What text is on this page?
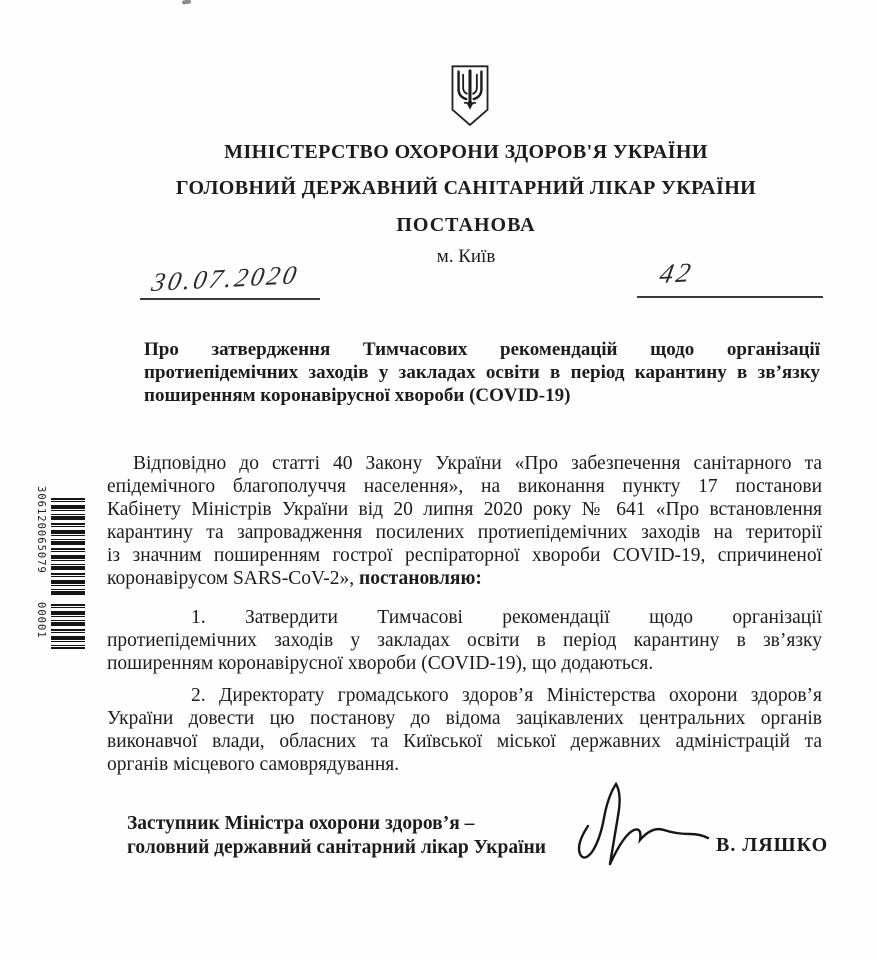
МІНІСТЕРСТВО ОХОРОНИ ЗДОРОВ'Я УКРАЇНИ
ГОЛОВНИЙ ДЕРЖАВНИЙ САНІТАРНИЙ ЛІКАР УКРАЇНИ
ПОСТАНОВА
м. Київ
30.07.2020	42
Про затвердження Тимчасових рекомендацій щодо організації
протиепідемічних заходів у закладах освіти в період карантину в зв’язку
поширенням коронавірусної хвороби (COVID-19)
Відповідно до статті 40 Закону України «Про забезпечення санітарного та
епідемічного благополуччя населення», на виконання пункту 17 постанови
Кабінету Міністрів України від 20 липня 2020 року № 641 «Про встановлення
карантину та запровадження посилених протиепідемічних заходів на території
із значним поширенням гострої респіраторної хвороби COVID-19, спричиненої
коронавірусом SARS-CoV-2», постановляю:
1. Затвердити Тимчасові рекомендації щодо організації
протиепідемічних заходів у закладах освіти в період карантину в зв’язку
поширенням коронавірусної хвороби (COVID-19), що додаються.
2. Директорату громадського здоров’я Міністерства охорони здоров’я
України довести цю постанову до відома зацікавлених центральних органів
виконавчої влади, обласних та Київської міської державних адміністрацій та
органів місцевого самоврядування.
Заступник Міністра охорони здоров’я –
головний державний санітарний лікар України	В. ЛЯШКО
306120065079
00001
